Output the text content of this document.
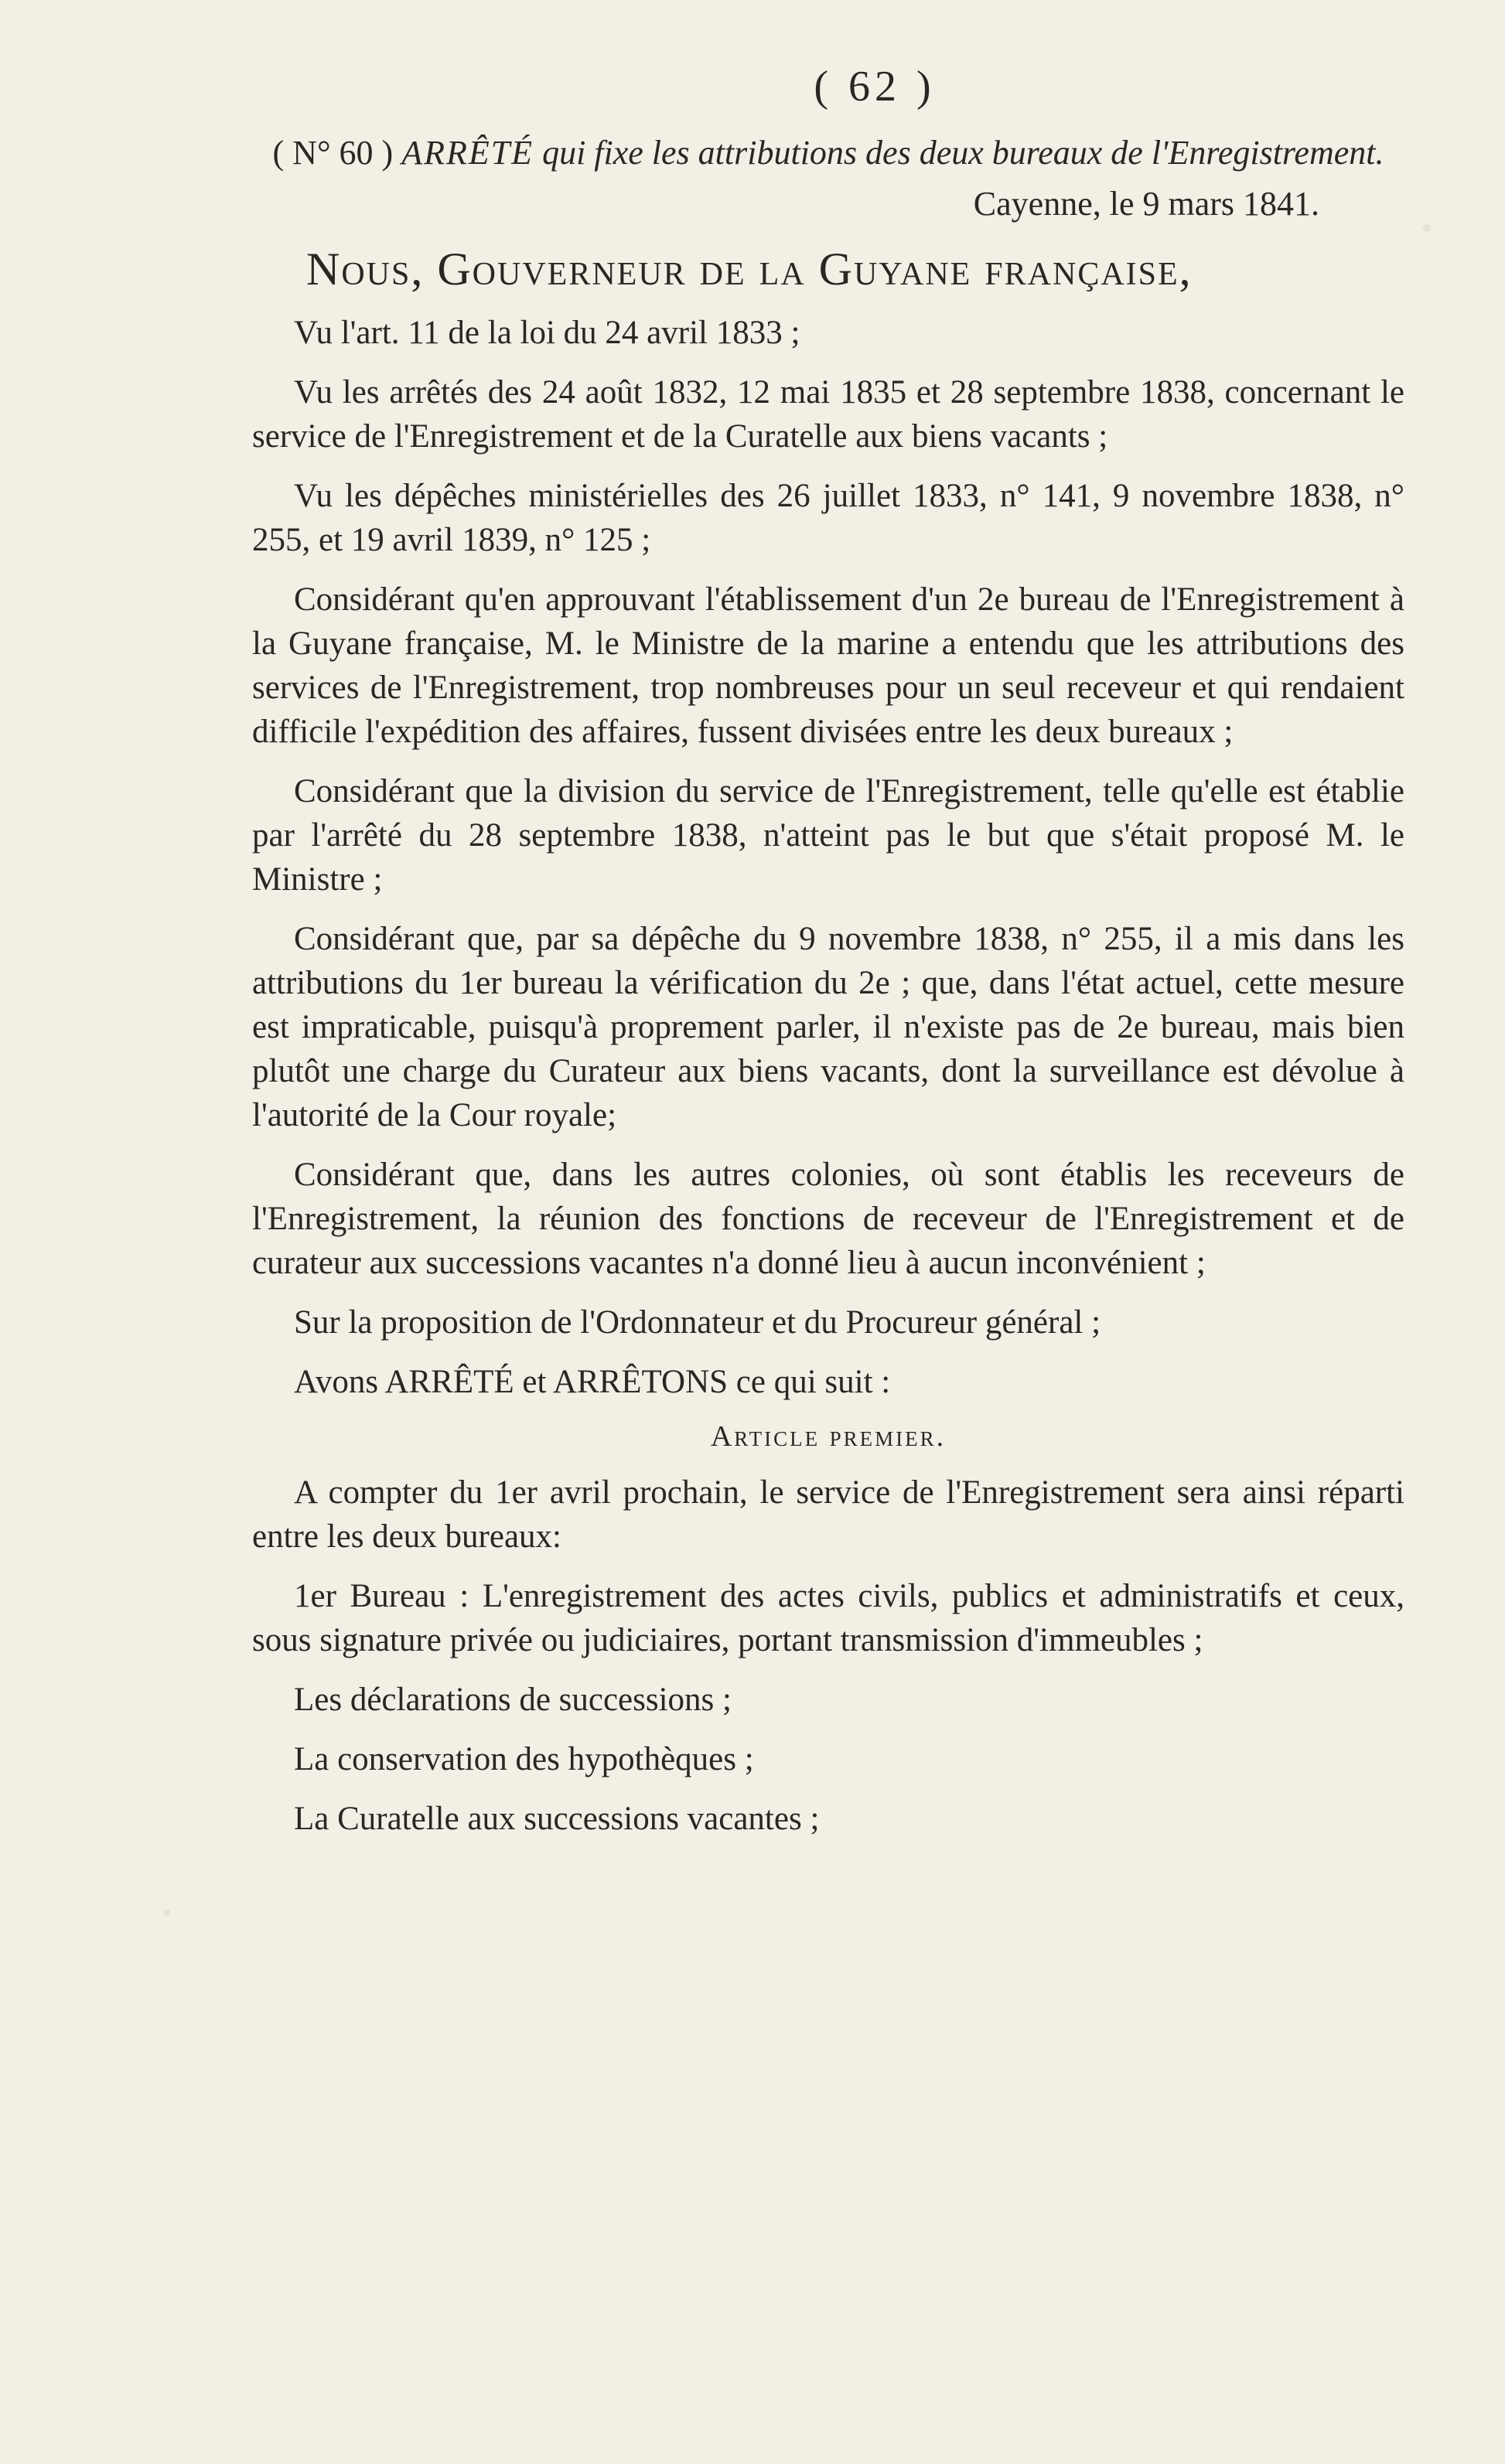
( 62 )

( N° 60 ) ARRÊTÉ qui fixe les attributions des deux bureaux de l'Enregistrement.

Cayenne, le 9 mars 1841.
Nous, Gouverneur de la Guyane française,

Vu l'art. 11 de la loi du 24 avril 1833 ;

Vu les arrêtés des 24 août 1832, 12 mai 1835 et 28 septembre 1838, concernant le service de l'Enregistrement et de la Curatelle aux biens vacants ;

Vu les dépêches ministérielles des 26 juillet 1833, n° 141, 9 novembre 1838, n° 255, et 19 avril 1839, n° 125 ;

Considérant qu'en approuvant l'établissement d'un 2e bureau de l'Enregistrement à la Guyane française, M. le Ministre de la marine a entendu que les attributions des services de l'Enregistrement, trop nombreuses pour un seul receveur et qui rendaient difficile l'expédition des affaires, fussent divisées entre les deux bureaux ;

Considérant que la division du service de l'Enregistrement, telle qu'elle est établie par l'arrêté du 28 septembre 1838, n'atteint pas le but que s'était proposé M. le Ministre ;

Considérant que, par sa dépêche du 9 novembre 1838, n° 255, il a mis dans les attributions du 1er bureau la vérification du 2e ; que, dans l'état actuel, cette mesure est impraticable, puisqu'à proprement parler, il n'existe pas de 2e bureau, mais bien plutôt une charge du Curateur aux biens vacants, dont la surveillance est dévolue à l'autorité de la Cour royale;

Considérant que, dans les autres colonies, où sont établis les receveurs de l'Enregistrement, la réunion des fonctions de receveur de l'Enregistrement et de curateur aux successions vacantes n'a donné lieu à aucun inconvénient ;

Sur la proposition de l'Ordonnateur et du Procureur général ;

Avons ARRÊTÉ et ARRÊTONS ce qui suit :

Article premier.

A compter du 1er avril prochain, le service de l'Enregistrement sera ainsi réparti entre les deux bureaux:

1er Bureau : L'enregistrement des actes civils, publics et administratifs et ceux, sous signature privée ou judiciaires, portant transmission d'immeubles ;

Les déclarations de successions ;

La conservation des hypothèques ;

La Curatelle aux successions vacantes ;
